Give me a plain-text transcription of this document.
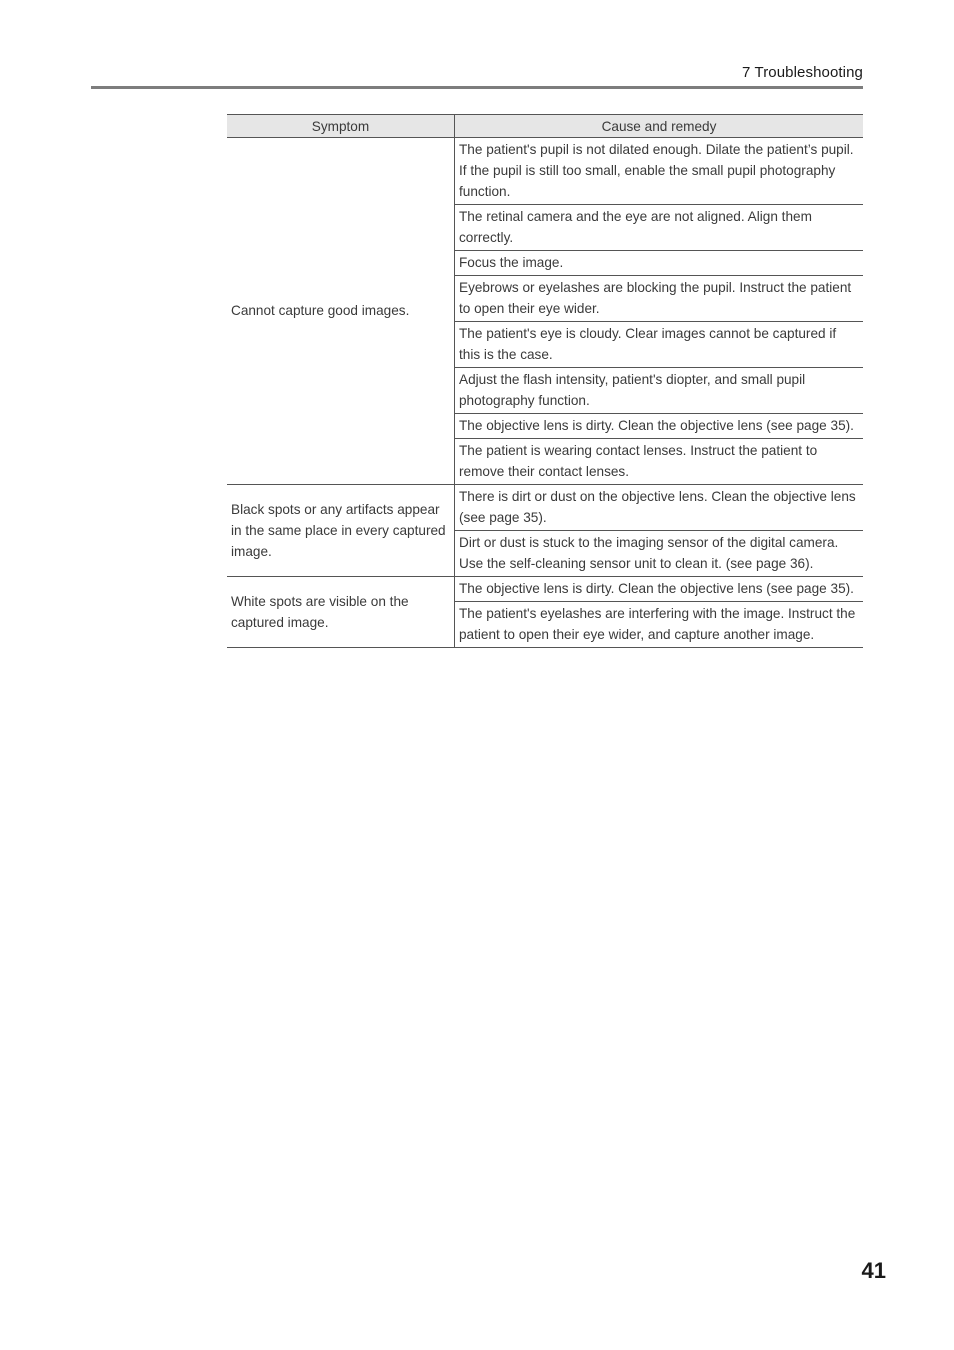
7 Troubleshooting
Symptom	Cause and remedy
Cannot capture good images.	The patient's pupil is not dilated enough. Dilate the patient’s pupil. If the pupil is still too small, enable the small pupil photography function.
	The retinal camera and the eye are not aligned. Align them correctly.
	Focus the image.
	Eyebrows or eyelashes are blocking the pupil. Instruct the patient to open their eye wider.
	The patient's eye is cloudy. Clear images cannot be captured if this is the case.
	Adjust the flash intensity, patient's diopter, and small pupil photography function.
	The objective lens is dirty. Clean the objective lens (see page 35).
	The patient is wearing contact lenses. Instruct the patient to remove their contact lenses.
Black spots or any artifacts appear in the same place in every captured image.	There is dirt or dust on the objective lens. Clean the objective lens (see page 35).
	Dirt or dust is stuck to the imaging sensor of the digital camera. Use the self-cleaning sensor unit to clean it. (see page 36).
White spots are visible on the captured image.	The objective lens is dirty. Clean the objective lens (see page 35).
	The patient's eyelashes are interfering with the image. Instruct the patient to open their eye wider, and capture another image.
41
